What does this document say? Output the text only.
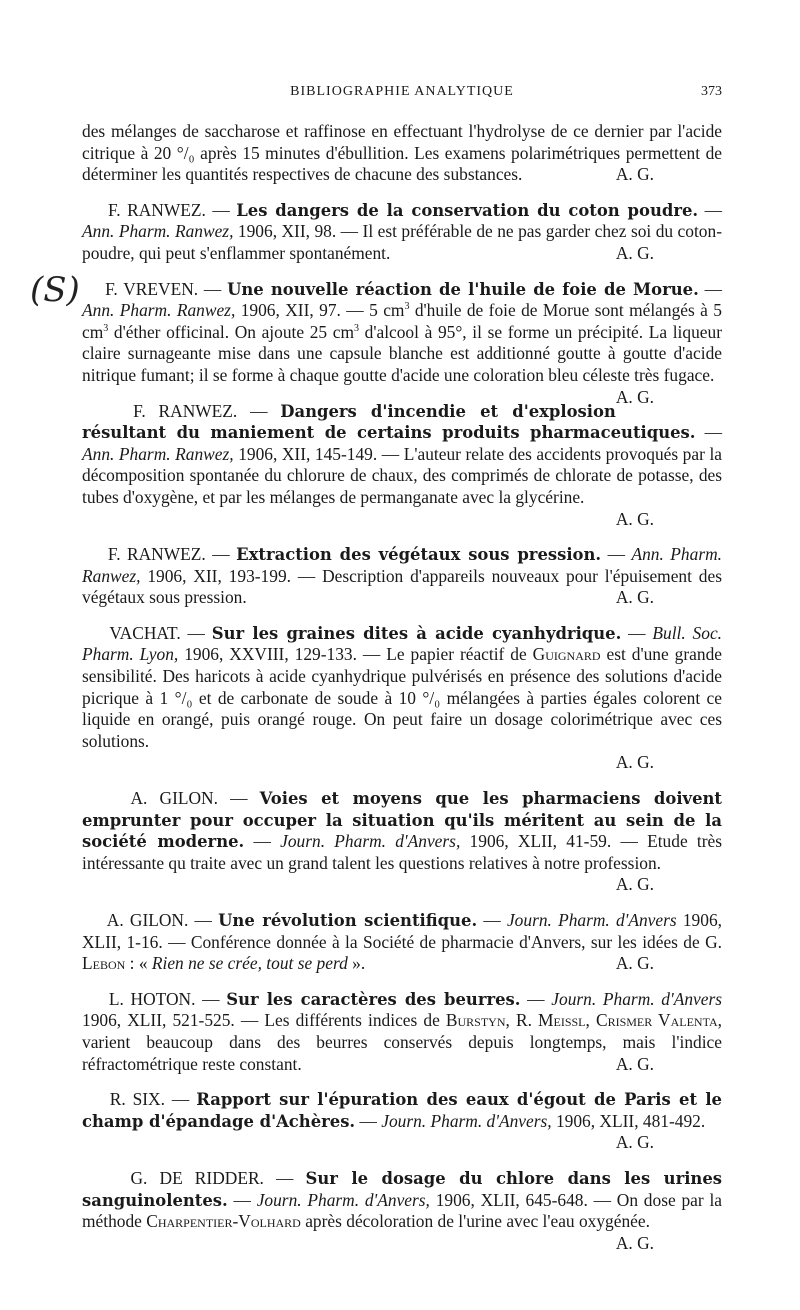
BIBLIOGRAPHIE ANALYTIQUE	373

des mélanges de saccharose et raffinose en effectuant l'hydrolyse de ce dernier par l'acide citrique à 20 °/₀ après 15 minutes d'ébullition. Les examens polarimétriques permettent de déterminer les quantités respectives de chacune des substances.	A. G.

F. RANWEZ. — Les dangers de la conservation du coton poudre. — Ann. Pharm. Ranwez, 1906, XII, 98. — Il est préférable de ne pas garder chez soi du coton-poudre, qui peut s'enflammer spontanément.	A. G.

F. VREVEN. — Une nouvelle réaction de l'huile de foie de Morue. — Ann. Pharm. Ranwez, 1906, XII, 97. — 5 $cm^3$ d'huile de foie de Morue sont mélangés à 5 $cm^3$ d'éther officinal. On ajoute 25 $cm^3$ d'alcool à 95°, il se forme un précipité. La liqueur claire surnageante mise dans une capsule blanche est additionné goutte à goutte d'acide nitrique fumant; il se forme à chaque goutte d'acide une coloration bleu céleste très fugace.
A. G.

F. RANWEZ. — Dangers d'incendie et d'explosion résultant du maniement de certains produits pharmaceutiques. — Ann. Pharm. Ranwez, 1906, XII, 145-149. — L'auteur relate des accidents provoqués par la décomposition spontanée du chlorure de chaux, des comprimés de chlorate de potasse, des tubes d'oxygène, et par les mélanges de permanganate avec la glycérine.
A. G.

F. RANWEZ. — Extraction des végétaux sous pression. — Ann. Pharm. Ranwez, 1906, XII, 193-199. — Description d'appareils nouveaux pour l'épuisement des végétaux sous pression.	A. G.

VACHAT. — Sur les graines dites à acide cyanhydrique. — Bull. Soc. Pharm. Lyon, 1906, XXVIII, 129-133. — Le papier réactif de Guignard est d'une grande sensibilité. Des haricots à acide cyanhydrique pulvérisés en présence des solutions d'acide picrique à 1 °/₀ et de carbonate de soude à 10 °/₀ mélangées à parties égales colorent ce liquide en orangé, puis orangé rouge. On peut faire un dosage colorimétrique avec ces solutions.
A. G.

A. GILON. — Voies et moyens que les pharmaciens doivent emprunter pour occuper la situation qu'ils méritent au sein de la société moderne. — Journ. Pharm. d'Anvers, 1906, XLII, 41-59. — Etude très intéressante qu traite avec un grand talent les questions relatives à notre profession.
A. G.

A. GILON. — Une révolution scientifique. — Journ. Pharm. d'Anvers 1906, XLII, 1-16. — Conférence donnée à la Société de pharmacie d'Anvers, sur les idées de G. Lebon : « Rien ne se crée, tout se perd ».	A. G.

L. HOTON. — Sur les caractères des beurres. — Journ. Pharm. d'Anvers 1906, XLII, 521-525. — Les différents indices de Burstyn, R. Meissl, Crismer Valenta, varient beaucoup dans des beurres conservés depuis longtemps, mais l'indice réfractométrique reste constant.	A. G.

R. SIX. — Rapport sur l'épuration des eaux d'égout de Paris et le champ d'épandage d'Achères. — Journ. Pharm. d'Anvers, 1906, XLII, 481-492.
A. G.

G. DE RIDDER. — Sur le dosage du chlore dans les urines sanguinolentes. — Journ. Pharm. d'Anvers, 1906, XLII, 645-648. — On dose par la méthode Charpentier-Volhard après décoloration de l'urine avec l'eau oxygénée.
A. G.

(S)
